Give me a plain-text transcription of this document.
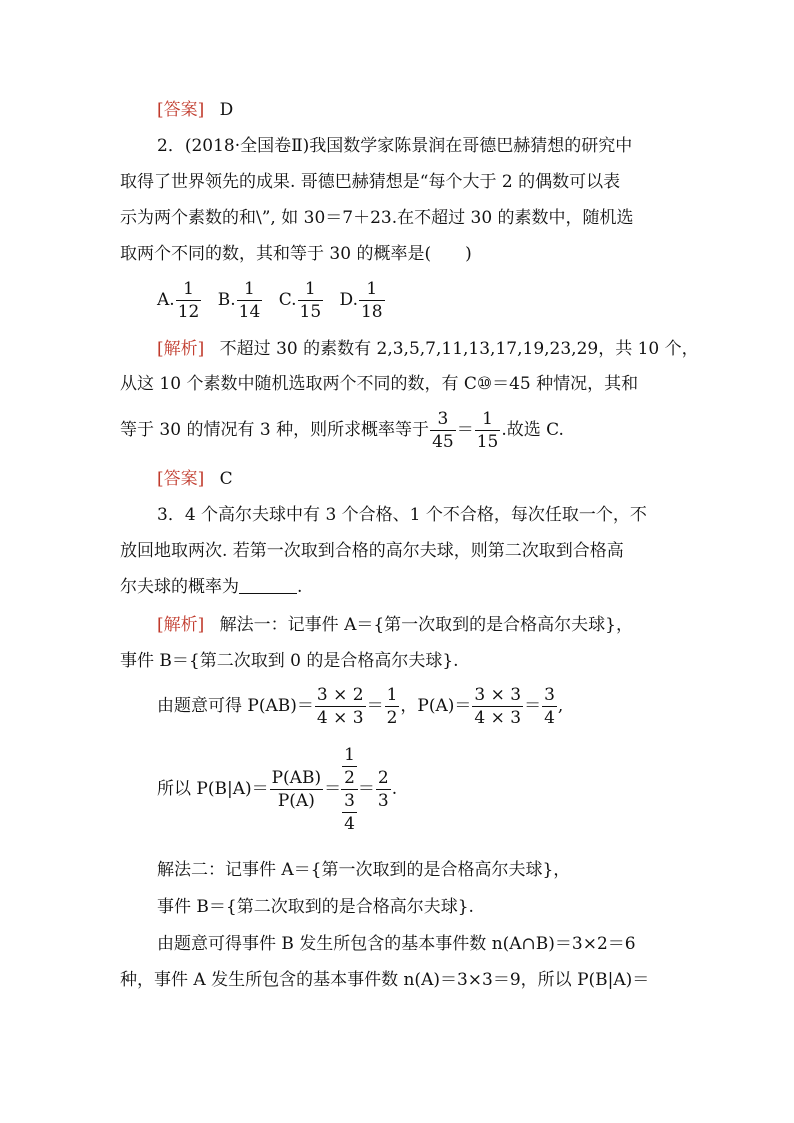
[答案] D
2．(2018·全国卷Ⅱ)我国数学家陈景润在哥德巴赫猜想的研究中
取得了世界领先的成果. 哥德巴赫猜想是“每个大于 2 的偶数可以表
示为两个素数的和\”, 如 30＝7＋23.在不超过 30 的素数中，随机选
取两个不同的数，其和等于 30 的概率是(　　)
A. $\frac{1}{12} B$. $\frac{1}{14} C$. $\frac{1}{15} D$. $\frac{1}{18}$
[解析] 不超过 30 的素数有 2,3,5,7,11,13,17,19,23,29，共 10 个，
从这 10 个素数中随机选取两个不同的数，有 C⑩＝45 种情况，其和
等于 30 的情况有 3 种，则所求概率等于 $\frac{3}{45} = \frac{1}{15}$ .故选 C.
[答案] C
3．4 个高尔夫球中有 3 个合格、1 个不合格，每次任取一个，不
放回地取两次. 若第一次取到合格的高尔夫球，则第二次取到合格高
尔夫球的概率为	.
[解析] 解法一：记事件 A＝{第一次取到的是合格高尔夫球}，
事件 B＝{第二次取到 0 的是合格高尔夫球}.
由题意可得 $P(AB)= \frac{3 \times 2}{4 \times 3} = \frac{1}{2}$ ，$P(A)= \frac{3 \times 3}{4 \times 3} = \frac{3}{4}$ ,
所以 $P(B|A)= \frac{P(AB)}{P(A)} = \frac{\frac{1}{2}}{\frac{3}{4}} = \frac{2}{3}$ .
解法二：记事件 A＝{第一次取到的是合格高尔夫球}，
事件 B＝{第二次取到的是合格高尔夫球}.
由题意可得事件 B 发生所包含的基本事件数 n(A∩B)＝3×2＝6
种，事件 A 发生所包含的基本事件数 n(A)＝3×3＝9，所以 P(B|A)＝
